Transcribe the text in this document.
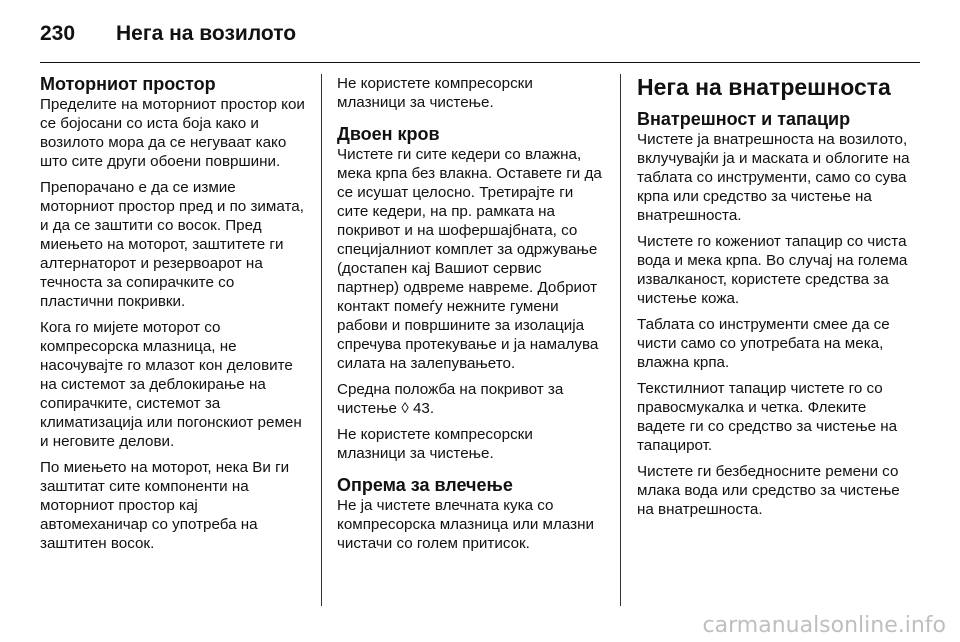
230	Нега на возилото
Моторниот простор

Пределите на моторниот простор кои се бојосани со иста боја како и возилото мора да се негуваат како што сите други обоени површини.

Препорачано е да се измие моторниот простор пред и по зимата, и да се заштити со восок. Пред миењето на моторот, заштитете ги алтернаторот и резервоарот на течноста за сопирачките со пластични покривки.

Кога го мијете моторот со компресорска млазница, не насочувајте го млазот кон деловите на системот за деблокирање на сопирачките, системот за климатизација или погонскиот ремен и неговите делови.

По миењето на моторот, нека Ви ги заштитат сите компоненти на моторниот простор кај автомеханичар со употреба на заштитен восок.

Не користете компресорски млазници за чистење.

Двоен кров

Чистете ги сите кедери со влажна, мека крпа без влакна. Оставете ги да се исушат целосно. Третирајте ги сите кедери, на пр. рамката на покривот и на шофершајбната, со специјалниот комплет за одржување (достапен кај Вашиот сервис партнер) одвреме навреме. Добриот контакт помеѓу нежните гумени рабови и површините за изолација спречува протекување и ја намалува силата на залепувањето.

Средна положба на покривот за чистење ◊ 43.

Не користете компресорски млазници за чистење.

Опрема за влечење

Не ја чистете влечната кука со компресорска млазница или млазни чистачи со голем притисок.

Нега на внатрешноста
Внатрешност и тапацир

Чистете ја внатрешноста на возилото, вклучувајќи ја и маската и облогите на таблата со инструменти, само со сува крпа или средство за чистење на внатрешноста.

Чистете го кожениот тапацир со чиста вода и мека крпа. Во случај на голема извалканост, користете средства за чистење кожа.

Таблата со инструменти смее да се чисти само со употребата на мека, влажна крпа.

Текстилниот тапацир чистете го со правосмукалка и четка. Флеките вадете ги со средство за чистење на тапацирот.

Чистете ги безбедносните ремени со млака вода или средство за чистење на внатрешноста.

carmanualsonline.info
